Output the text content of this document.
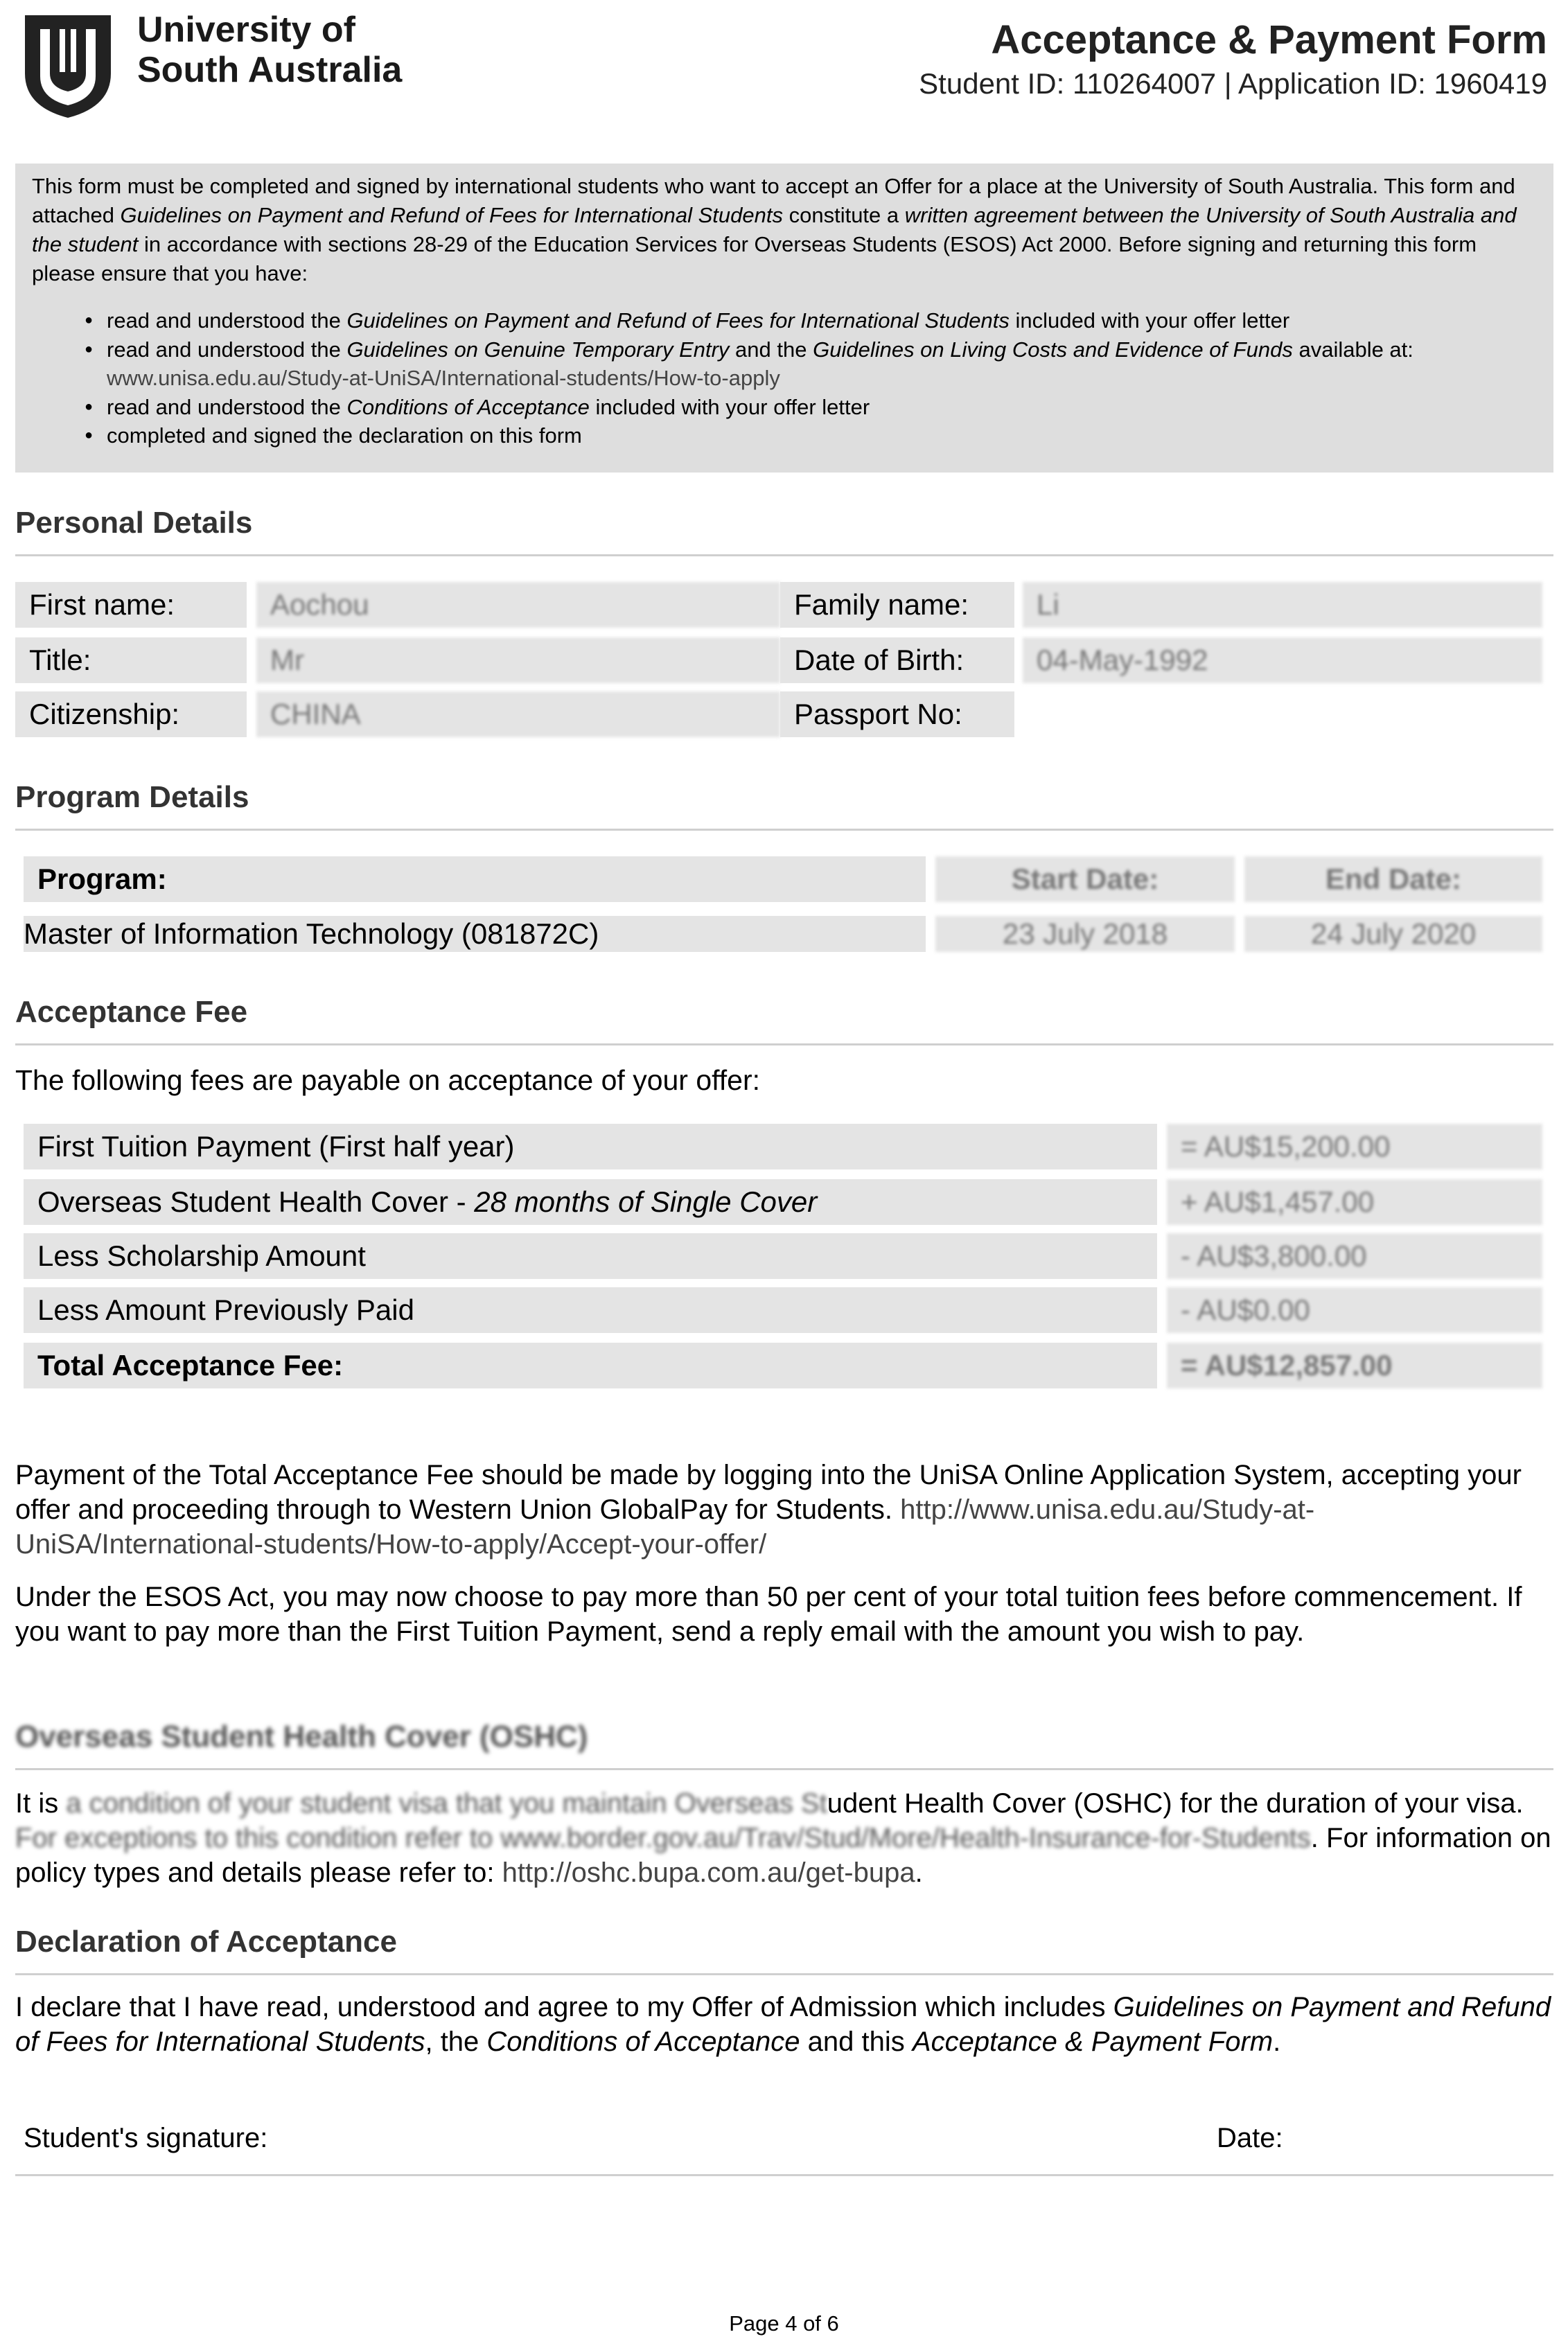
University of
South Australia
Acceptance & Payment Form
Student ID: 110264007 | Application ID: 1960419

This form must be completed and signed by international students who want to accept an Offer for a place at the University of South Australia. This form and attached Guidelines on Payment and Refund of Fees for International Students constitute a written agreement between the University of South Australia and the student in accordance with sections 28-29 of the Education Services for Overseas Students (ESOS) Act 2000. Before signing and returning this form please ensure that you have:

● read and understood the Guidelines on Payment and Refund of Fees for International Students included with your offer letter
● read and understood the Guidelines on Genuine Temporary Entry and the Guidelines on Living Costs and Evidence of Funds available at: www.unisa.edu.au/Study-at-UniSA/International-students/How-to-apply
● read and understood the Conditions of Acceptance included with your offer letter
● completed and signed the declaration on this form
Personal Details
First name:	Aochou	Family name:	Li
Title:	Mr	Date of Birth:	04-May-1992
Citizenship:	CHINA	Passport No:
Program Details
Program:	Start Date:	End Date:
Master of Information Technology (081872C)	23 July 2018	24 July 2020
Acceptance Fee
The following fees are payable on acceptance of your offer:
First Tuition Payment (First half year)	= AU$15,200.00
Overseas Student Health Cover - 28 months of Single Cover	+ AU$1,457.00
Less Scholarship Amount	- AU$3,800.00
Less Amount Previously Paid	- AU$0.00
Total Acceptance Fee:	= AU$12,857.00

Payment of the Total Acceptance Fee should be made by logging into the UniSA Online Application System, accepting your offer and proceeding through to Western Union GlobalPay for Students. http://www.unisa.edu.au/Study-at-UniSA/International-students/How-to-apply/Accept-your-offer/

Under the ESOS Act, you may now choose to pay more than 50 per cent of your total tuition fees before commencement. If you want to pay more than the First Tuition Payment, send a reply email with the amount you wish to pay.
Overseas Student Health Cover (OSHC)

It is a condition of your student visa that you maintain Overseas Student Health Cover (OSHC) for the duration of your visa. For exceptions to this condition refer to www.border.gov.au/Trav/Stud/More/Health-Insurance-for-Students. For information on policy types and details please refer to: http://oshc.bupa.com.au/get-bupa.

Declaration of Acceptance

I declare that I have read, understood and agree to my Offer of Admission which includes Guidelines on Payment and Refund of Fees for International Students, the Conditions of Acceptance and this Acceptance & Payment Form.

Student's signature:	Date:
Page 4 of 6
